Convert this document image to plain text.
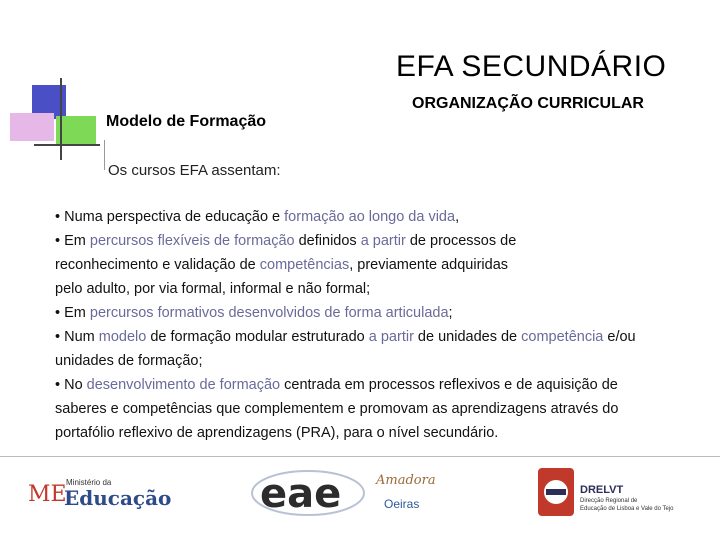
EFA SECUNDÁRIO
ORGANIZAÇÃO CURRICULAR
Modelo de Formação
Os cursos EFA assentam:
• Numa perspectiva de educação e formação ao longo da vida,
• Em percursos flexíveis de formação definidos a partir de processos de
reconhecimento e validação de competências, previamente adquiridas
pelo adulto, por via formal, informal e não formal;
• Em percursos formativos desenvolvidos de forma articulada;
• Num modelo de formação modular estruturado a partir de unidades de competência e/ou
unidades de formação;
• No desenvolvimento de formação centrada em processos reflexivos e de aquisição de
saberes e competências que complementem e promovam as aprendizagens através do
portafólio reflexivo de aprendizagens (PRA), para o nível secundário.
ME Ministério da
Educação eae	Amadora
Oeiras
DRELVT
Direcção Regional de
Educação de Lisboa e Vale do Tejo
